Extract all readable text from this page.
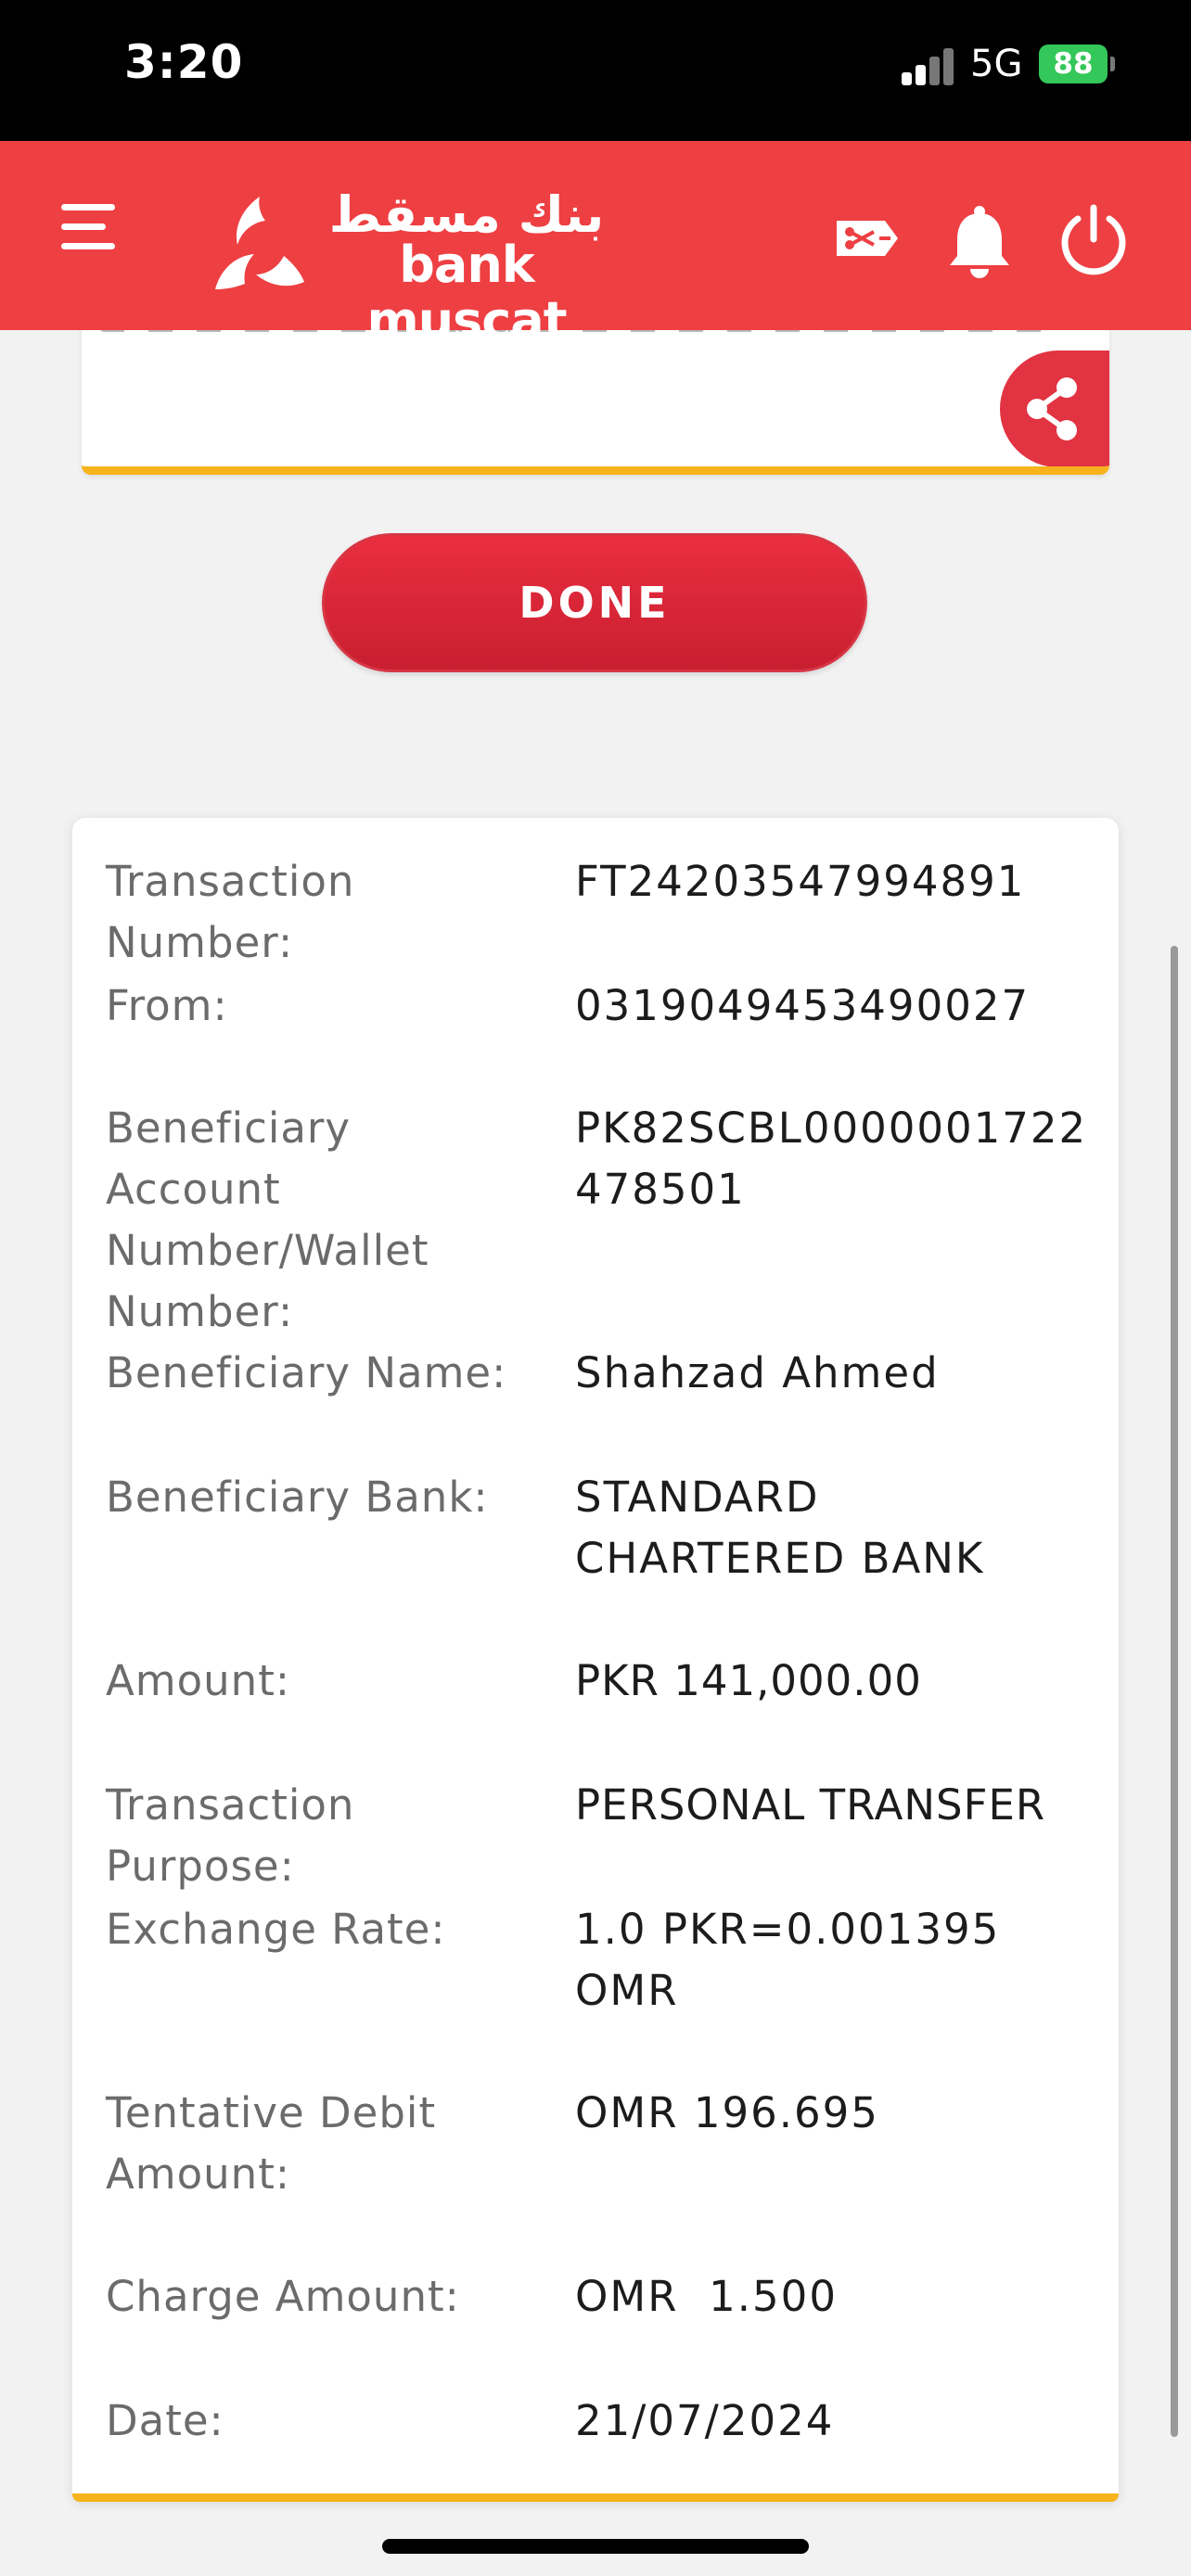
3:20	5G	88
بنك مسقط
bank muscat
DONE
Transaction Number:
FT24203547994891
From:	0319049453490027
Beneficiary Account Number/Wallet Number:
PK82SCBL0000001722478501
Beneficiary Name:	Shahzad Ahmed
Beneficiary Bank:	STANDARD CHARTERED BANK
Amount:	PKR 141,000.00
Transaction Purpose:
PERSONAL TRANSFER
Exchange Rate:	1.0 PKR=0.001395 OMR
Tentative Debit Amount:
OMR 196.695
Charge Amount:	OMR  1.500
Date:	21/07/2024
